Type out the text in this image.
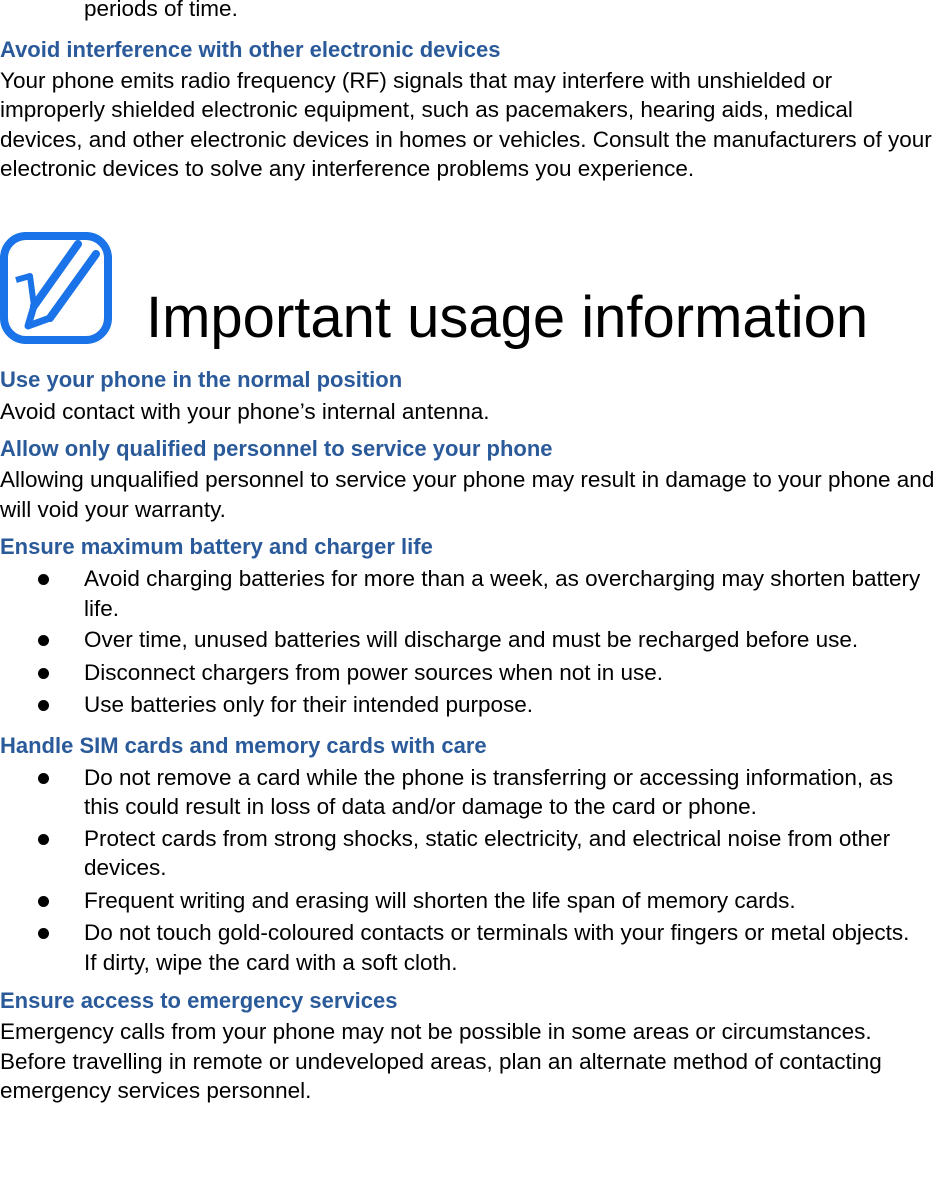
periods of time.

Avoid interference with other electronic devices

Your phone emits radio frequency (RF) signals that may interfere with unshielded or improperly shielded electronic equipment, such as pacemakers, hearing aids, medical devices, and other electronic devices in homes or vehicles. Consult the manufacturers of your electronic devices to solve any interference problems you experience.

Important usage information
Use your phone in the normal position

Avoid contact with your phone’s internal antenna.

Allow only qualified personnel to service your phone

Allowing unqualified personnel to service your phone may result in damage to your phone and will void your warranty.

Ensure maximum battery and charger life
Avoid charging batteries for more than a week, as overcharging may shorten battery life.
Over time, unused batteries will discharge and must be recharged before use.
Disconnect chargers from power sources when not in use.
Use batteries only for their intended purpose.
Handle SIM cards and memory cards with care
Do not remove a card while the phone is transferring or accessing information, as this could result in loss of data and/or damage to the card or phone.
Protect cards from strong shocks, static electricity, and electrical noise from other devices.
Frequent writing and erasing will shorten the life span of memory cards.
Do not touch gold-coloured contacts or terminals with your fingers or metal objects. If dirty, wipe the card with a soft cloth.
Ensure access to emergency services

Emergency calls from your phone may not be possible in some areas or circumstances. Before travelling in remote or undeveloped areas, plan an alternate method of contacting emergency services personnel.
